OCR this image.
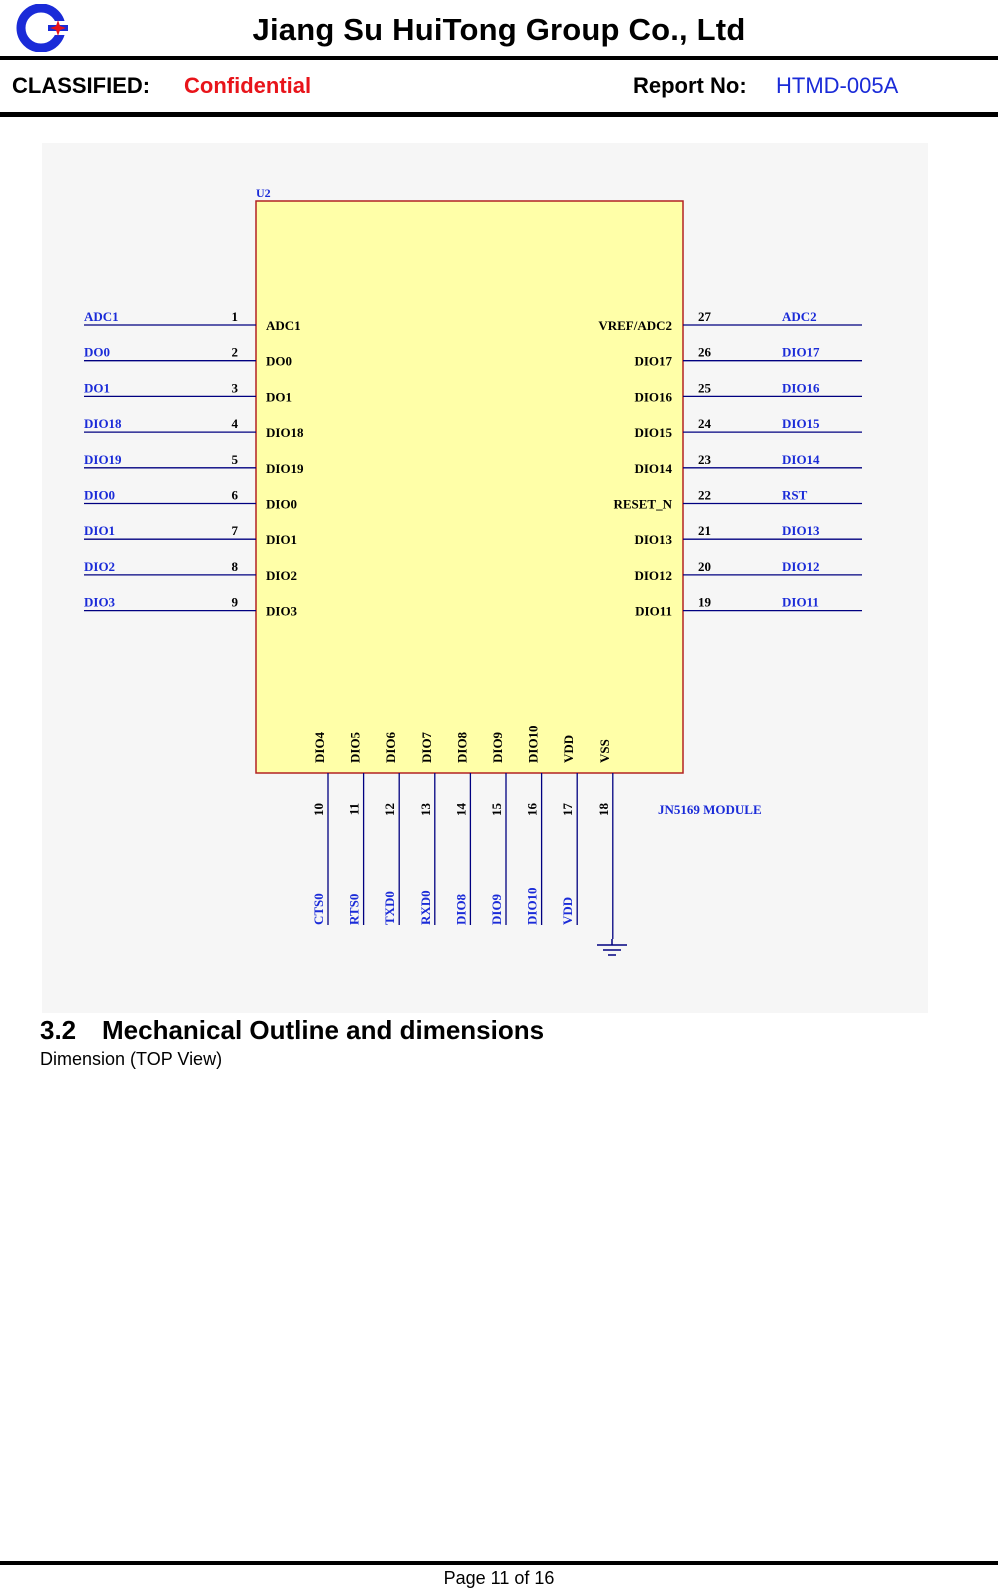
Jiang Su HuiTong Group Co., Ltd
CLASSIFIED: Confidential	Report No: HTMD-005A
U2
JN5169 MODULE
ADC1	1
ADC1
DO0	2
DO0
DO1	3
DO1
DIO18	4
DIO18
DIO19	5
DIO19
DIO0	6
DIO0
DIO1	7
DIO1
DIO2	8
DIO2
DIO3	9
DIO3
ADC2
27
VREF/ADC2
DIO17
26
DIO17
DIO16
25
DIO16
DIO15
24
DIO15
DIO14
23
DIO14
RST
22
RESET_N
DIO13
21
DIO13
DIO12
20
DIO12
DIO11
19
DIO11
DIO4
10
CTS0
DIO5
11
RTS0
DIO6
12
TXD0
DIO7
13
RXD0
DIO8
14
DIO8
DIO9
15
DIO9
DIO10
16
DIO10
VDD
17
VDD
VSS
18
3.2 Mechanical Outline and dimensions
Dimension (TOP View)
Page 11 of 16
